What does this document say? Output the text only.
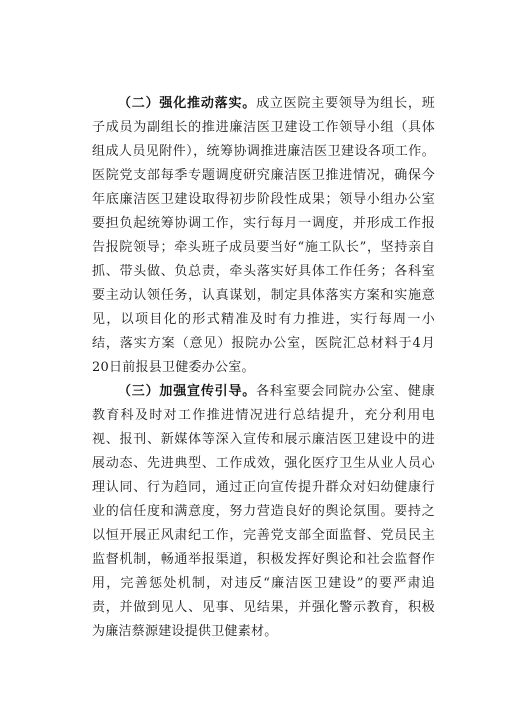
（二）强化推动落实。成立医院主要领导为组长，班子成员为副组长的推进廉洁医卫建设工作领导小组（具体组成人员见附件），统筹协调推进廉洁医卫建设各项工作。医院党支部每季专题调度研究廉洁医卫推进情况，确保今年底廉洁医卫建设取得初步阶段性成果；领导小组办公室要担负起统筹协调工作，实行每月一调度，并形成工作报告报院领导；牵头班子成员要当好“施工队长”，坚持亲自抓、带头做、负总责，牵头落实好具体工作任务；各科室要主动认领任务，认真谋划，制定具体落实方案和实施意见，以项目化的形式精准及时有力推进，实行每周一小结，落实方案（意见）报院办公室，医院汇总材料于4月20日前报县卫健委办公室。

（三）加强宣传引导。各科室要会同院办公室、健康教育科及时对工作推进情况进行总结提升，充分利用电视、报刊、新媒体等深入宣传和展示廉洁医卫建设中的进展动态、先进典型、工作成效，强化医疗卫生从业人员心理认同、行为趋同，通过正向宣传提升群众对妇幼健康行业的信任度和满意度，努力营造良好的舆论氛围。要持之以恒开展正风肃纪工作，完善党支部全面监督、党员民主监督机制，畅通举报渠道，积极发挥好舆论和社会监督作用，完善惩处机制，对违反“廉洁医卫建设”的要严肃追责，并做到见人、见事、见结果，并强化警示教育，积极为廉洁蔡源建设提供卫健素材。
